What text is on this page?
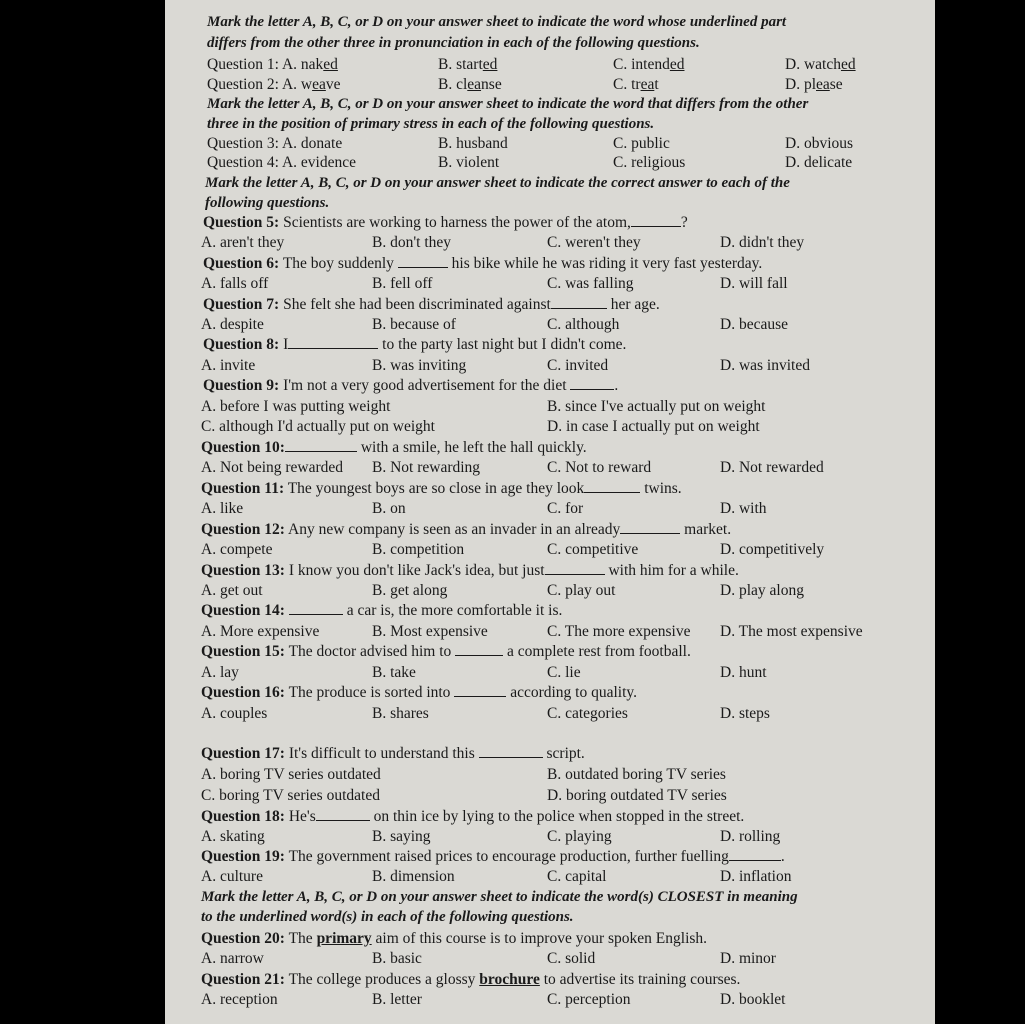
Mark the letter A, B, C, or D on your answer sheet to indicate the word whose underlined part
differs from the other three in pronunciation in each of the following questions.
Question 1: A. naked	B. started	C. intended	D. watched
Question 2: A. weave	B. cleanse	C. treat	D. please
Mark the letter A, B, C, or D on your answer sheet to indicate the word that differs from the other
three in the position of primary stress in each of the following questions.
Question 3: A. donate	B. husband	C. public	D. obvious
Question 4: A. evidence	B. violent	C. religious	D. delicate
Mark the letter A, B, C, or D on your answer sheet to indicate the correct answer to each of the
following questions.
Question 5: Scientists are working to harness the power of the atom,	?
A. aren't they	B. don't they	C. weren't they	D. didn't they
Question 6: The boy suddenly	his bike while he was riding it very fast yesterday.
A. falls off	B. fell off	C. was falling	D. will fall
Question 7: She felt she had been discriminated against	her age.
A. despite	B. because of	C. although	D. because
Question 8: I	to the party last night but I didn't come.
A. invite	B. was inviting	C. invited	D. was invited
Question 9: I'm not a very good advertisement for the diet	.
A. before I was putting weight	B. since I've actually put on weight
C. although I'd actually put on weight	D. in case I actually put on weight
Question 10:	with a smile, he left the hall quickly.
A. Not being rewarded B. Not rewarding	C. Not to reward	D. Not rewarded
Question 11: The youngest boys are so close in age they look	twins.
A. like	B. on	C. for	D. with
Question 12: Any new company is seen as an invader in an already	market.
A. compete	B. competition	C. competitive	D. competitively
Question 13: I know you don't like Jack's idea, but just	with him for a while.
A. get out	B. get along	C. play out	D. play along
Question 14:	a car is, the more comfortable it is.
A. More expensive	B. Most expensive	C. The more expensive D. The most expensive
Question 15: The doctor advised him to	a complete rest from football.
A. lay	B. take	C. lie	D. hunt
Question 16: The produce is sorted into	according to quality.
A. couples	B. shares	C. categories	D. steps
Question 17: It's difficult to understand this	script.
A. boring TV series outdated	B. outdated boring TV series
C. boring TV series outdated	D. boring outdated TV series
Question 18: He's	on thin ice by lying to the police when stopped in the street.
A. skating	B. saying	C. playing	D. rolling
Question 19: The government raised prices to encourage production, further fuelling	.
A. culture	B. dimension	C. capital	D. inflation
Mark the letter A, B, C, or D on your answer sheet to indicate the word(s) CLOSEST in meaning
to the underlined word(s) in each of the following questions.
Question 20: The primary aim of this course is to improve your spoken English.
A. narrow	B. basic	C. solid	D. minor
Question 21: The college produces a glossy brochure to advertise its training courses.
A. reception	B. letter	C. perception	D. booklet
